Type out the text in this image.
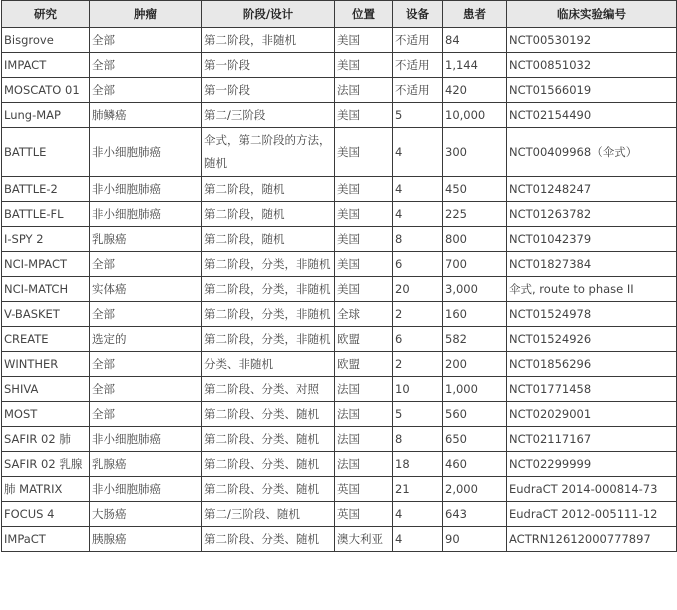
研究	肿瘤	阶段/设计	位置	设备	患者	临床实验编号
Bisgrove	全部	第二阶段，非随机	美国	不适用	84	NCT00530192
IMPACT	全部	第一阶段	美国	不适用	1,144	NCT00851032
MOSCATO 01	全部	第一阶段	法国	不适用	420	NCT01566019
Lung-MAP	肺鳞癌	第二/三阶段	美国	5	10,000	NCT02154490
BATTLE	非小细胞肺癌	伞式，第二阶段的方法，随机	美国	4	300	NCT00409968（伞式）
BATTLE-2	非小细胞肺癌	第二阶段，随机	美国	4	450	NCT01248247
BATTLE-FL	非小细胞肺癌	第二阶段，随机	美国	4	225	NCT01263782
I-SPY 2	乳腺癌	第二阶段，随机	美国	8	800	NCT01042379
NCI-MPACT	全部	第二阶段，分类，非随机	美国	6	700	NCT01827384
NCI-MATCH	实体癌	第二阶段，分类，非随机	美国	20	3,000	伞式, route to phase II
V-BASKET	全部	第二阶段，分类，非随机	全球	2	160	NCT01524978
CREATE	选定的	第二阶段，分类，非随机	欧盟	6	582	NCT01524926
WINTHER	全部	分类、非随机	欧盟	2	200	NCT01856296
SHIVA	全部	第二阶段、分类、对照	法国	10	1,000	NCT01771458
MOST	全部	第二阶段、分类、随机	法国	5	560	NCT02029001
SAFIR 02 肺	非小细胞肺癌	第二阶段、分类、随机	法国	8	650	NCT02117167
SAFIR 02 乳腺	乳腺癌	第二阶段、分类、随机	法国	18	460	NCT02299999
肺 MATRIX	非小细胞肺癌	第二阶段、分类、随机	英国	21	2,000	EudraCT 2014-000814-73
FOCUS 4	大肠癌	第二/三阶段、随机	英国	4	643	EudraCT 2012-005111-12
IMPaCT	胰腺癌	第二阶段、分类、随机	澳大利亚	4	90	ACTRN12612000777897
